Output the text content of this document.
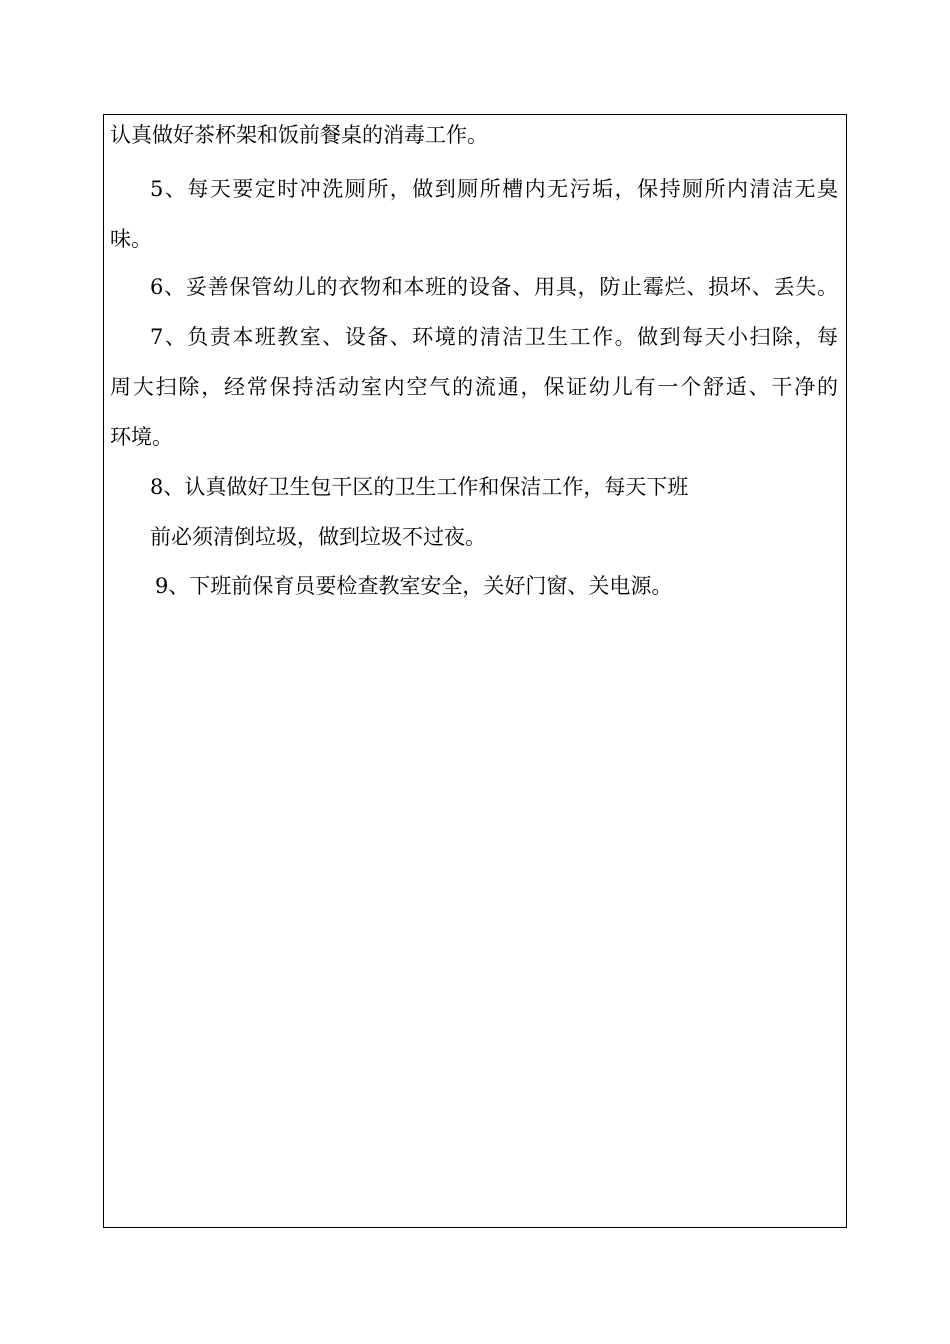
认真做好茶杯架和饭前餐桌的消毒工作。
5、每天要定时冲洗厕所，做到厕所槽内无污垢，保持厕所内清洁无臭
味。
6、妥善保管幼儿的衣物和本班的设备、用具，防止霉烂、损坏、丢失。
7、负责本班教室、设备、环境的清洁卫生工作。做到每天小扫除，每
周大扫除，经常保持活动室内空气的流通，保证幼儿有一个舒适、干净的
环境。
8、认真做好卫生包干区的卫生工作和保洁工作，每天下班
前必须清倒垃圾，做到垃圾不过夜。
9、下班前保育员要检查教室安全，关好门窗、关电源。
